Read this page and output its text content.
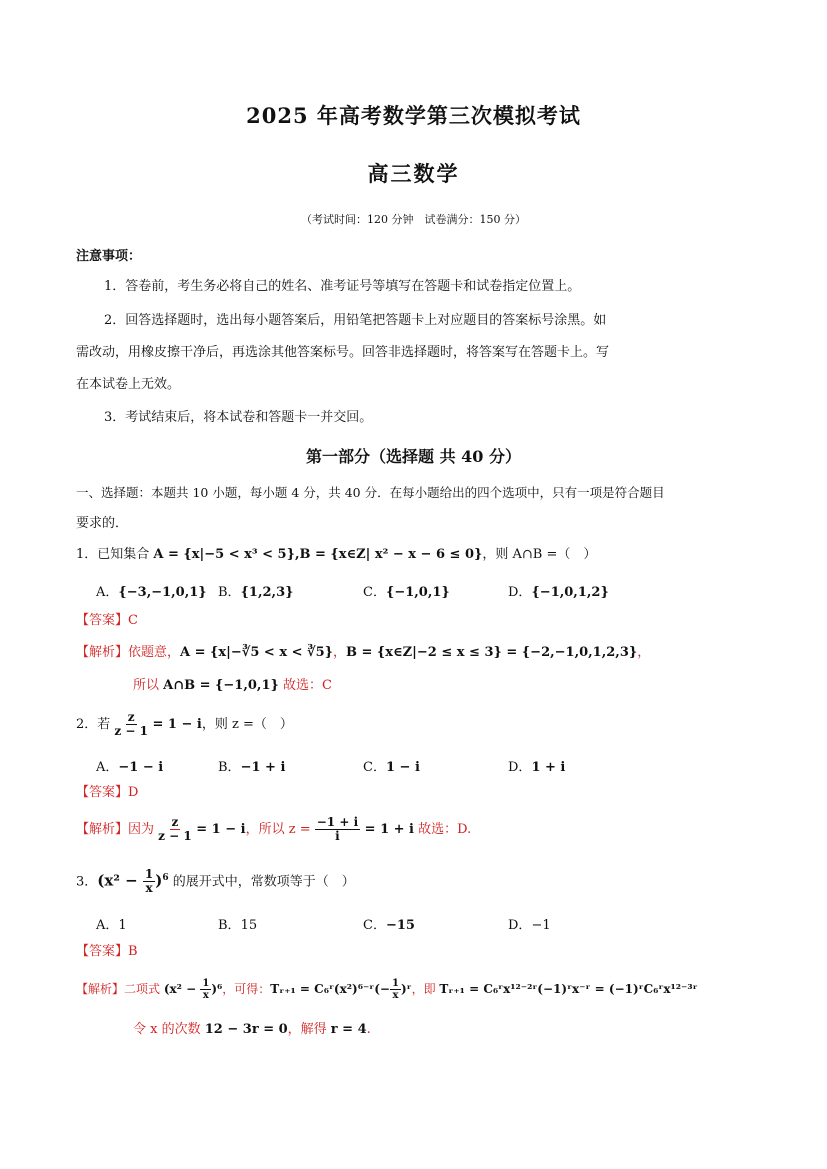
2025 年高考数学第三次模拟考试
高三数学
（考试时间：120 分钟　试卷满分：150 分）
注意事项：
1．答卷前，考生务必将自己的姓名、准考证号等填写在答题卡和试卷指定位置上。
2．回答选择题时，选出每小题答案后，用铅笔把答题卡上对应题目的答案标号涂黑。如
需改动，用橡皮擦干净后，再选涂其他答案标号。回答非选择题时，将答案写在答题卡上。写
在本试卷上无效。
3．考试结束后，将本试卷和答题卡一并交回。
第一部分（选择题 共 40 分）
一、选择题：本题共 10 小题，每小题 4 分，共 40 分．在每小题给出的四个选项中，只有一项是符合题目
要求的．
1．已知集合 A = {x|−5 < x³ < 5},B = {x∈Z| x² − x − 6 ≤ 0}，则 A∩B =（　）
A．{−3,−1,0,1} B．{1,2,3}	C．{−1,0,1}	D．{−1,0,1,2}
【答案】C
【解析】依题意，A = {x|−∛5 < x < ∛5}，B = {x∈Z|−2 ≤ x ≤ 3} = {−2,−1,0,1,2,3}，
所以 A∩B = {−1,0,1} 故选：C
2．若 $\frac{z}{z - 1} = 1 - i$，则 z =（　）
A．−1 − i	B．−1 + i	C．1 − i	D．1 + i
【答案】D
【解析】因为 $\frac{z}{z - 1} = 1 - i$，所以 $z = \frac{-1 + i}{i} = 1 + i$ 故选：D.
3．$(x^2 - \frac{1}{x} )^6$ 的展开式中，常数项等于（　）
A．1	B．15	C．−15	D．−1
【答案】B
【解析】二项式 $(x^2 - \frac{1}{x} )^6$，可得：Tᵣ₊₁ = C₆ʳ(x²)⁶⁻ʳ(− $\frac{1}{x}$ )ʳ，即 Tᵣ₊₁ = C₆ʳx¹²⁻²ʳ(−1)ʳx⁻ʳ = (−1)ʳC₆ʳx¹²⁻³ʳ
令 x 的次数 12 − 3r = 0，解得 r = 4.
